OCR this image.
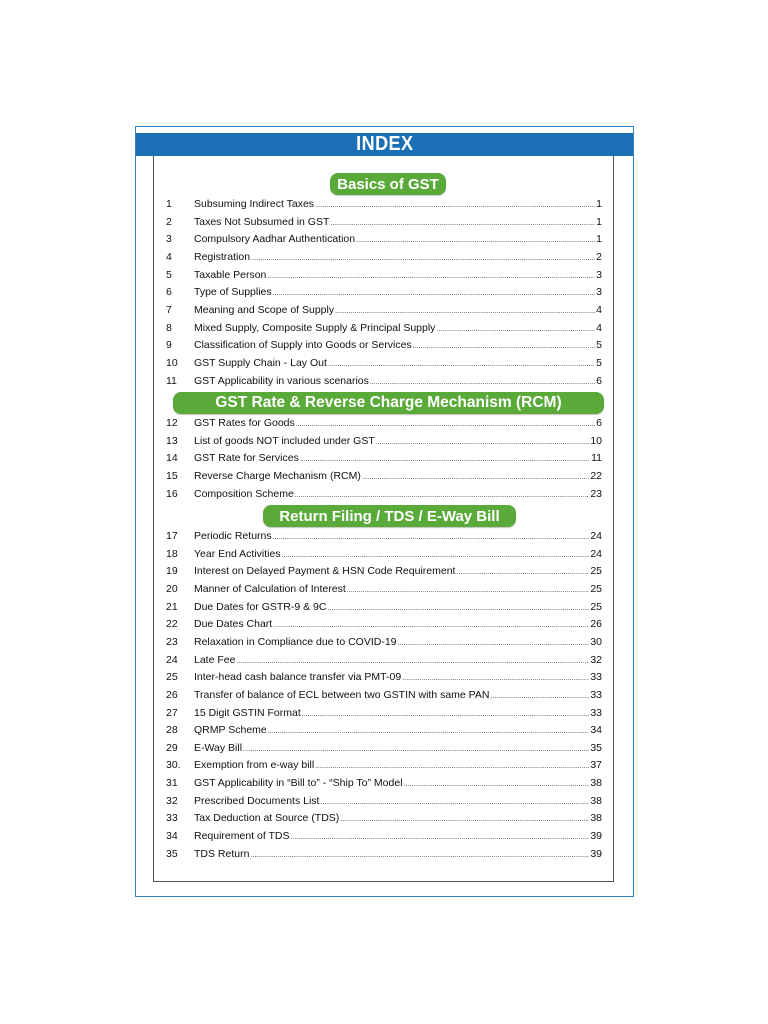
INDEX
Basics of GST
1	Subsuming Indirect Taxes .....	1
2	Taxes Not Subsumed in GST .....	1
3	Compulsory Aadhar Authentication .....	1
4	Registration .....	2
5	Taxable Person .....	3
6	Type of Supplies .....	3
7	Meaning and Scope of Supply .....	4
8	Mixed Supply, Composite Supply & Principal Supply .....	4
9	Classification of Supply into Goods or Services .....	5
10	GST Supply Chain - Lay Out .....	5
11	GST Applicability in various scenarios .....	6
GST Rate & Reverse Charge Mechanism (RCM)
12	GST Rates for Goods .....	6
13	List of goods NOT included under GST .....	10
14	GST Rate for Services .....	11
15	Reverse Charge Mechanism (RCM) .....	22
16	Composition Scheme .....	23
Return Filing / TDS / E-Way Bill
17	Periodic Returns .....	24
18	Year End Activities .....	24
19	Interest on Delayed Payment & HSN Code Requirement .....	25
20	Manner of Calculation of Interest .....	25
21	Due Dates for GSTR-9 & 9C .....	25
22	Due Dates Chart .....	26
23	Relaxation in Compliance due to COVID-19 .....	30
24	Late Fee .....	32
25	Inter-head cash balance transfer via PMT-09 .....	33
26	Transfer of balance of ECL between two GSTIN with same PAN .....	33
27	15 Digit GSTIN Format .....	33
28	QRMP Scheme .....	34
29	E-Way Bill .....	35
30.	Exemption from e-way bill .....	37
31	GST Applicability in “Bill to” - “Ship To” Model .....	38
32	Prescribed Documents List .....	38
33	Tax Deduction at Source (TDS) .....	38
34	Requirement of TDS .....	39
35	TDS Return .....	39
